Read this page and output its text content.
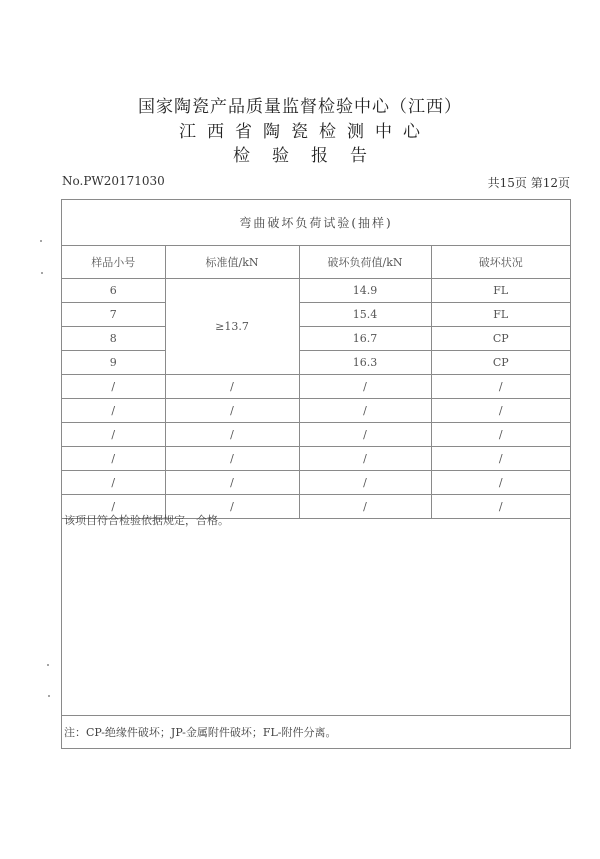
国家陶瓷产品质量监督检验中心（江西）
江西省陶瓷检测中心
检验报告
No.PW20171030	共15页 第12页
弯曲破坏负荷试验(抽样)
样品小号	标准值/kN	破坏负荷值/kN	破坏状况
6	≥13.7	14.9	FL
7		15.4	FL
8		16.7	CP
9		16.3	CP
/	/	/	/
/	/	/	/
/	/	/	/
/	/	/	/
/	/	/	/
/	/	/	/
该项目符合检验依据规定，合格。
注：CP-绝缘件破坏；JP-金属附件破坏；FL-附件分离。
